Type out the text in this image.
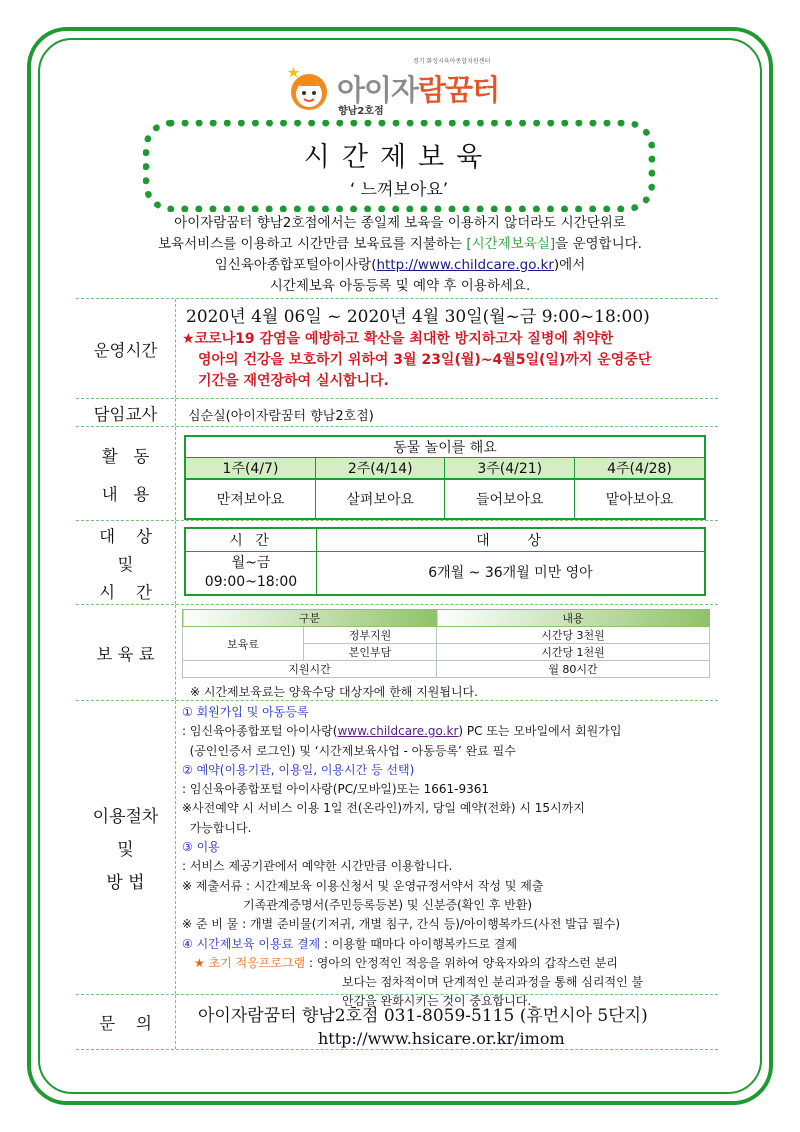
아이자람꿈터
향남2호점
경기 화성시육아종합지원센터
시간제보육
‘ 느껴보아요’
아이자람꿈터 향남2호점에서는 종일제 보육을 이용하지 않더라도 시간단위로
보육서비스를 이용하고 시간만큼 보육료를 지불하는 [시간제보육실]을 운영합니다.
임신육아종합포털아이사랑(http://www.childcare.go.kr)에서
시간제보육 아동등록 및 예약 후 이용하세요.
운영시간
2020년 4월 06일 ~ 2020년 4월 30일(월~금 9:00~18:00)
★코로나19 감염을 예방하고 확산을 최대한 방지하고자 질병에 취약한
영아의 건강을 보호하기 위하여 3월 23일(월)~4월5일(일)까지 운영중단
기간을 재연장하여 실시합니다.
담임교사	심순실(아이자람꿈터 향남2호점)
활   동
내   용
동물 놀이를 해요			
1주(4/7)	2주(4/14)	3주(4/21)	4주(4/28)
만져보아요	살펴보아요	들어보아요	맡아보아요
대    상
및
시    간
시 간	대    상

월~금
09:00~18:00	6개월 ~ 36개월 미만 영아
보 육 료
구분		내용
보육료	정부지원	시간당 3천원
	본인부담	시간당 1천원
지원시간		월 80시간
※ 시간제보육료는 양육수당 대상자에 한해 지원됩니다.
이용절차
및
방 법
① 회원가입 및 아동등록
: 임신육아종합포털 아이사랑(www.childcare.go.kr) PC 또는 모바일에서 회원가입
(공인인증서 로그인) 및 ‘시간제보육사업 - 아동등록’ 완료 필수
② 예약(이용기관, 이용일, 이용시간 등 선택)
: 임신육아종합포털 아이사랑(PC/모바일)또는 1661-9361
※사전예약 시 서비스 이용 1일 전(온라인)까지, 당일 예약(전화) 시 15시까지
가능합니다.
③ 이용
: 서비스 제공기관에서 예약한 시간만큼 이용합니다.
※ 제출서류 : 시간제보육 이용신청서 및 운영규정서약서 작성 및 제출
기족관계증명서(주민등록등본) 및 신분증(확인 후 반환)
※ 준 비 물 : 개별 준비물(기저귀, 개별 침구, 간식 등)/아이행복카드(사전 발급 필수)
④ 시간제보육 이용료 결제 : 이용할 때마다 아이행복카드로 결제
★ 초기 적응프로그램 : 영아의 안정적인 적응을 위하여 양육자와의 갑작스런 분리
보다는 점차적이며 단계적인 분리과정을 통해 심리적인 불
안감을 완화시키는 것이 중요합니다.
문    의	아이자람꿈터 향남2호점 031-8059-5115 (휴먼시아 5단지)
http://www.hsicare.or.kr/imom
